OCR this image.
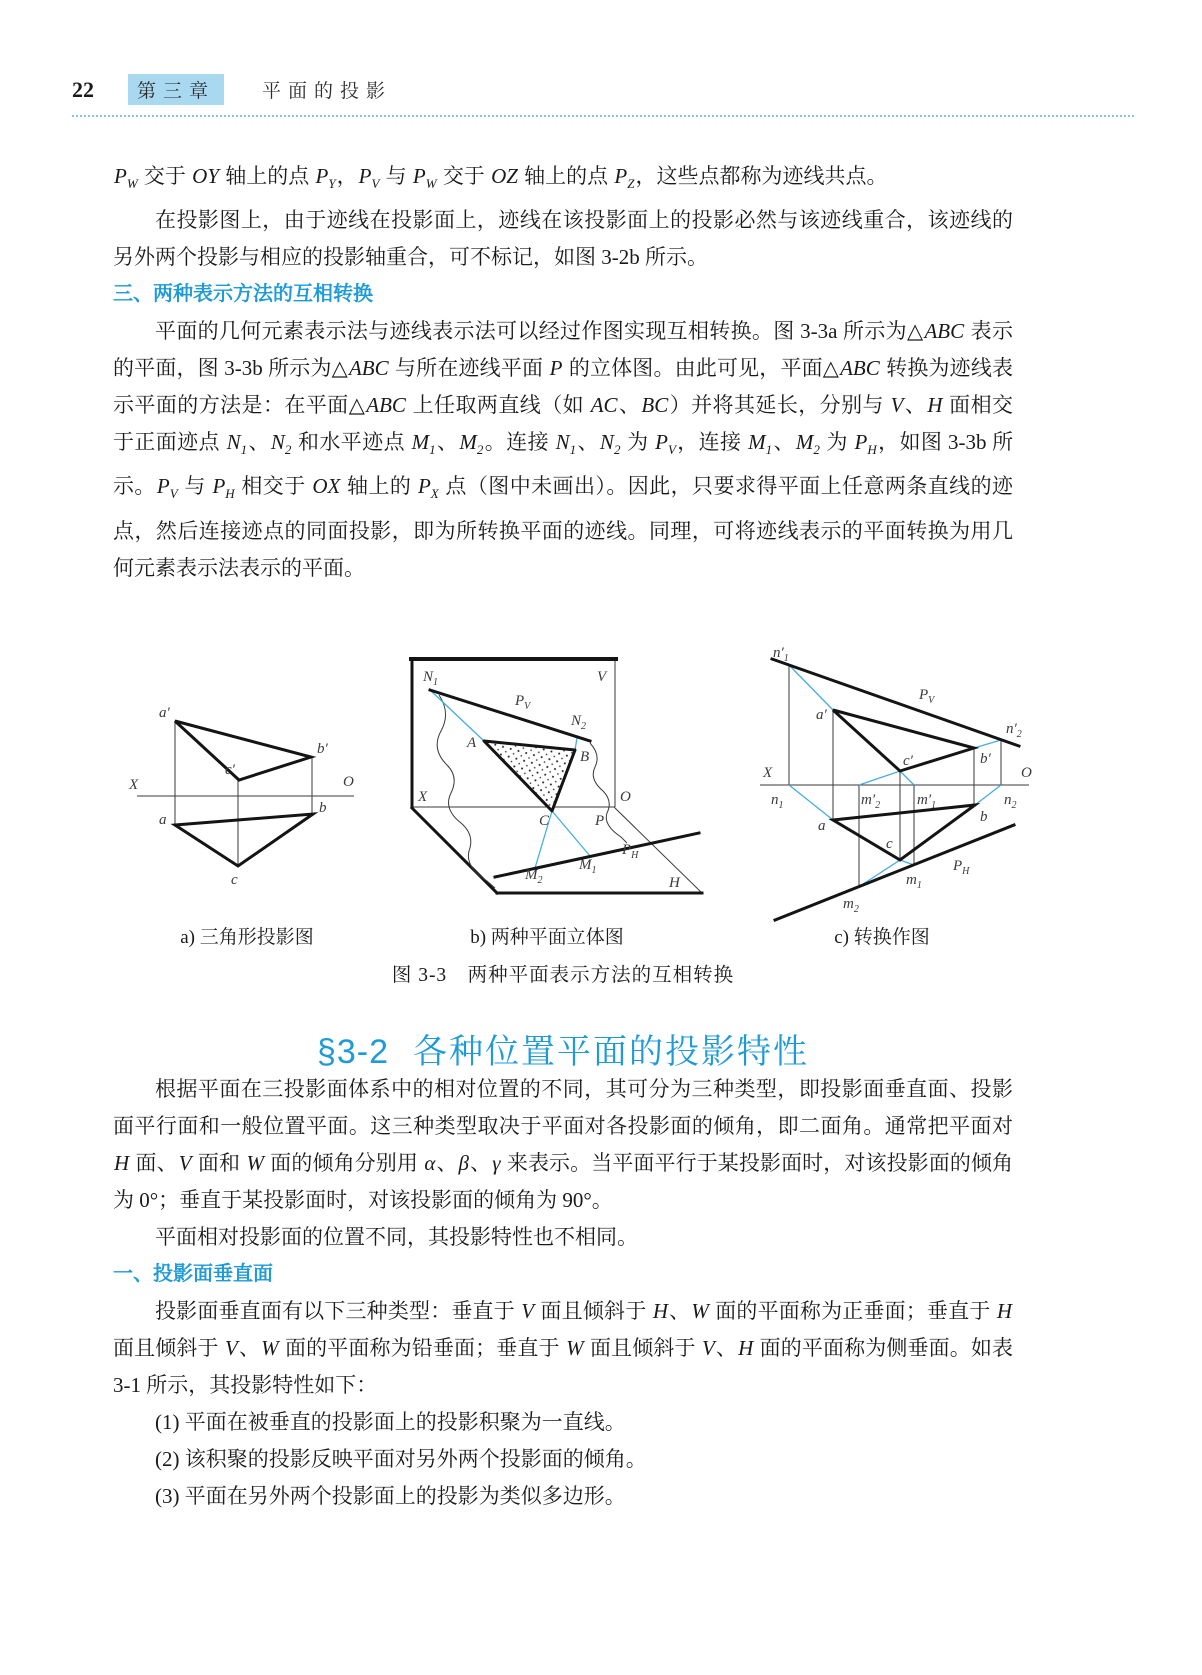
22	第三章	平面的投影

$P_W$ 交于 OY 轴上的点 $P_Y$，$P_V$ 与 $P_W$ 交于 OZ 轴上的点 $P_Z$，这些点都称为迹线共点。

在投影图上，由于迹线在投影面上，迹线在该投影面上的投影必然与该迹线重合，该迹线的另外两个投影与相应的投影轴重合，可不标记，如图 3-2b 所示。

三、两种表示方法的互相转换

平面的几何元素表示法与迹线表示法可以经过作图实现互相转换。图 3-3a 所示为△ABC 表示的平面，图 3-3b 所示为△ABC 与所在迹线平面 P 的立体图。由此可见，平面△ABC 转换为迹线表示平面的方法是：在平面△ABC 上任取两直线（如 AC、BC）并将其延长，分别与 V、H 面相交于正面迹点 $N_1$、$N_2$ 和水平迹点 $M_1$、$M_2$。连接 $N_1$、$N_2$ 为 $P_V$，连接 $M_1$、$M_2$ 为 $P_H$，如图 3-3b 所示。$P_V$ 与 $P_H$ 相交于 OX 轴上的 $P_X$ 点（图中未画出）。因此，只要求得平面上任意两条直线的迹点，然后连接迹点的同面投影，即为所转换平面的迹线。同理，可将迹线表示的平面转换为用几何元素表示法表示的平面。

a′
b′
c′
X	O
a
b
c
a) 三角形投影图
V
$N_1$
$P_V$
$N_2$
A
B
C
X	O
P
$P_H$
$M_1$
$M_2$	H
b) 两种平面立体图
$n'_1$
$P_V$
a′
$n'_2$
c′	b′
X	O
$n_1$	$m'_2$ $m'_1$	$n_2$
a
b
c
$m_1$
$m_2$
$P_H$
c) 转换作图
图 3-3　两种平面表示方法的互相转换
§3-2 各种位置平面的投影特性

根据平面在三投影面体系中的相对位置的不同，其可分为三种类型，即投影面垂直面、投影面平行面和一般位置平面。这三种类型取决于平面对各投影面的倾角，即二面角。通常把平面对 H 面、V 面和 W 面的倾角分别用 α、β、γ 来表示。当平面平行于某投影面时，对该投影面的倾角为 0°；垂直于某投影面时，对该投影面的倾角为 90°。

平面相对投影面的位置不同，其投影特性也不相同。

一、投影面垂直面

投影面垂直面有以下三种类型：垂直于 V 面且倾斜于 H、W 面的平面称为正垂面；垂直于 H 面且倾斜于 V、W 面的平面称为铅垂面；垂直于 W 面且倾斜于 V、H 面的平面称为侧垂面。如表 3-1 所示，其投影特性如下：

(1) 平面在被垂直的投影面上的投影积聚为一直线。

(2) 该积聚的投影反映平面对另外两个投影面的倾角。

(3) 平面在另外两个投影面上的投影为类似多边形。
